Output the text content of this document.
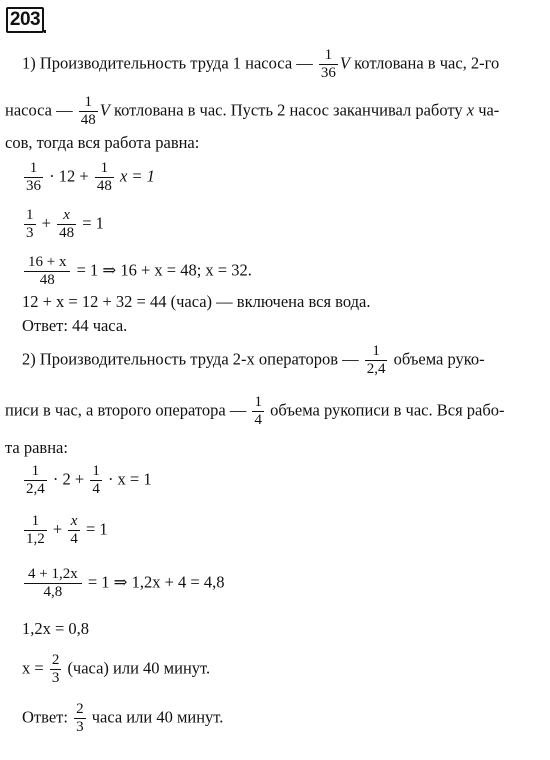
203
1) Производительность труда 1 насоса — $\frac{1}{36}$ V котлована в час, 2-го
насоса — $\frac{1}{48}$ V котлована в час. Пусть 2 насос заканчивал работу x ча-
сов, тогда вся работа равна:
$\frac{1}{36} \cdot 12 + \frac{1}{48}$ x = 1
$\frac{1}{3} + \frac{x}{48} = 1$
$\frac{16 + x}{48} = 1$ ⇒ 16 + x = 48; x = 32.
12 + x = 12 + 32 = 44 (часа) — включена вся вода.
Ответ: 44 часа.
2) Производительность труда 2-х операторов — $\frac{1}{2,4}$ объема руко-
писи в час, а второго оператора — $\frac{1}{4}$ объема рукописи в час. Вся рабо-
та равна:
$\frac{1}{2,4} \cdot 2 + \frac{1}{4} \cdot x = 1$
$\frac{1}{1,2} + \frac{x}{4} = 1$
$\frac{4 + 1,2x}{4,8} = 1$ ⇒ 1,2x + 4 = 4,8
1,2x = 0,8
$x = \frac{2}{3}$ (часа) или 40 минут.
Ответ: $\frac{2}{3}$ часа или 40 минут.
